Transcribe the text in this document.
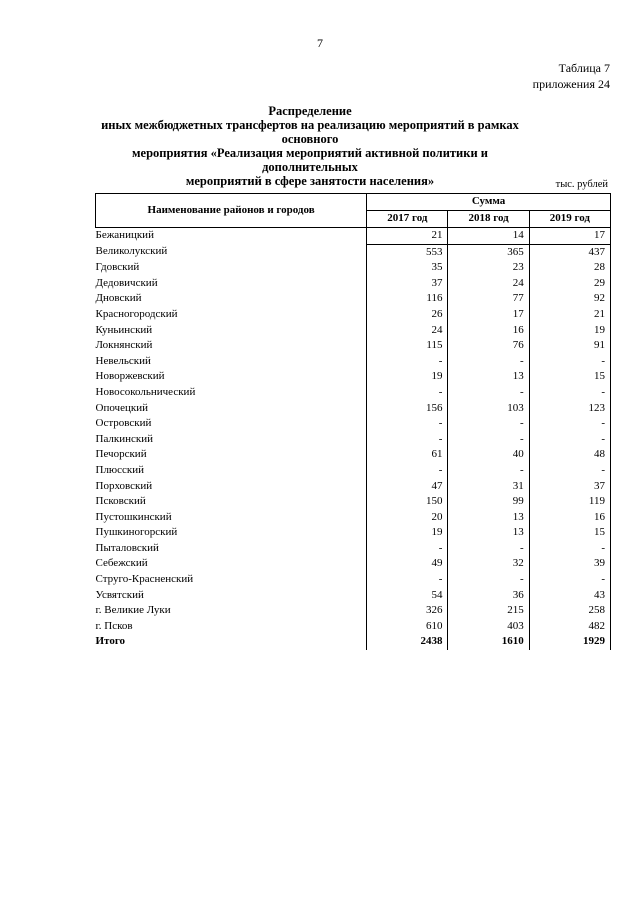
7
Таблица 7
приложения 24
Распределение
иных межбюджетных трансфертов на реализацию мероприятий в рамках основного
мероприятия «Реализация мероприятий активной политики и дополнительных
мероприятий в сфере занятости населения»	тыс. рублей
Наименование районов и городов	Сумма		
	2017 год	2018 год	2019 год
Бежаницкий	21	14	17
Великолукский	553	365	437
Гдовский	35	23	28
Дедовичский	37	24	29
Дновский	116	77	92
Красногородский	26	17	21
Куньинский	24	16	19
Локнянский	115	76	91
Невельский	-	-	-
Новоржевский	19	13	15
Новосокольнический	-	-	-
Опочецкий	156	103	123
Островский	-	-	-
Палкинский	-	-	-
Печорский	61	40	48
Плюсский	-	-	-
Порховский	47	31	37
Псковский	150	99	119
Пустошкинский	20	13	16
Пушкиногорский	19	13	15
Пыталовский	-	-	-
Себежский	49	32	39
Струго-Красненский	-	-	-
Усвятский	54	36	43
г. Великие Луки	326	215	258
г. Псков	610	403	482
Итого	2438	1610	1929
